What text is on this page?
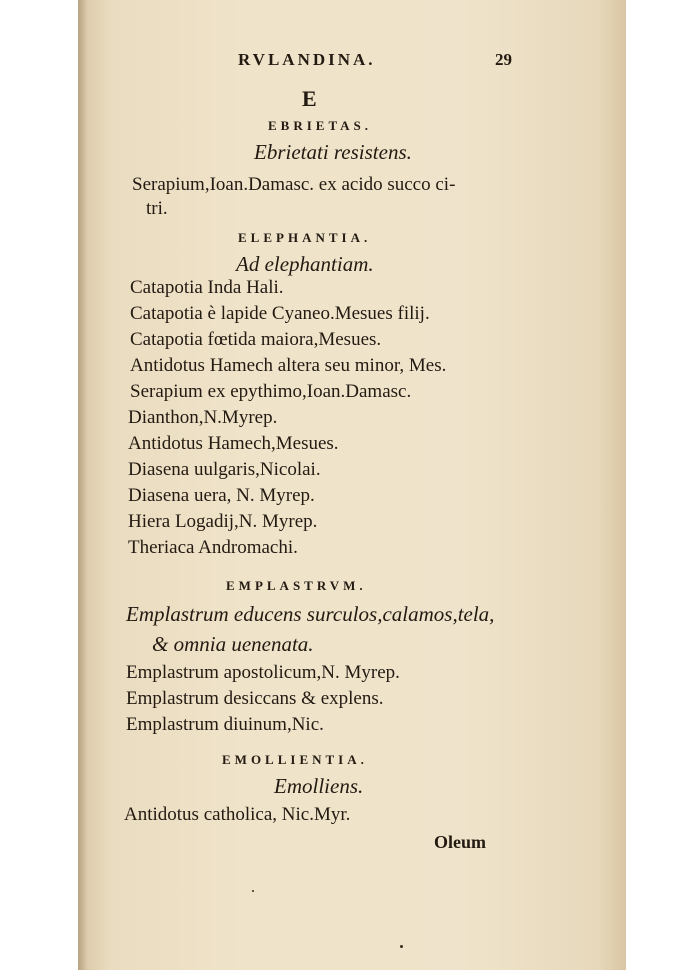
RVLANDINA.	29
E
EBRIETAS.
Ebrietati resistens.
Serapium,Ioan.Damasc. ex acido succo ci-
tri.
ELEPHANTIA.
Ad elephantiam.
Catapotia Inda Hali.
Catapotia è lapide Cyaneo.Mesues filij.
Catapotia fœtida maiora,Mesues.
Antidotus Hamech altera seu minor, Mes.
Serapium ex epythimo,Ioan.Damasc.
Dianthon,N.Myrep.
Antidotus Hamech,Mesues.
Diasena uulgaris,Nicolai.
Diasena uera, N. Myrep.
Hiera Logadij,N. Myrep.
Theriaca Andromachi.
EMPLASTRVM.
Emplastrum educens surculos,calamos,tela,
& omnia uenenata.
Emplastrum apostolicum,N. Myrep.
Emplastrum desiccans & explens.
Emplastrum diuinum,Nic.
EMOLLIENTIA.
Emolliens.
Antidotus catholica, Nic.Myr.
Oleum
